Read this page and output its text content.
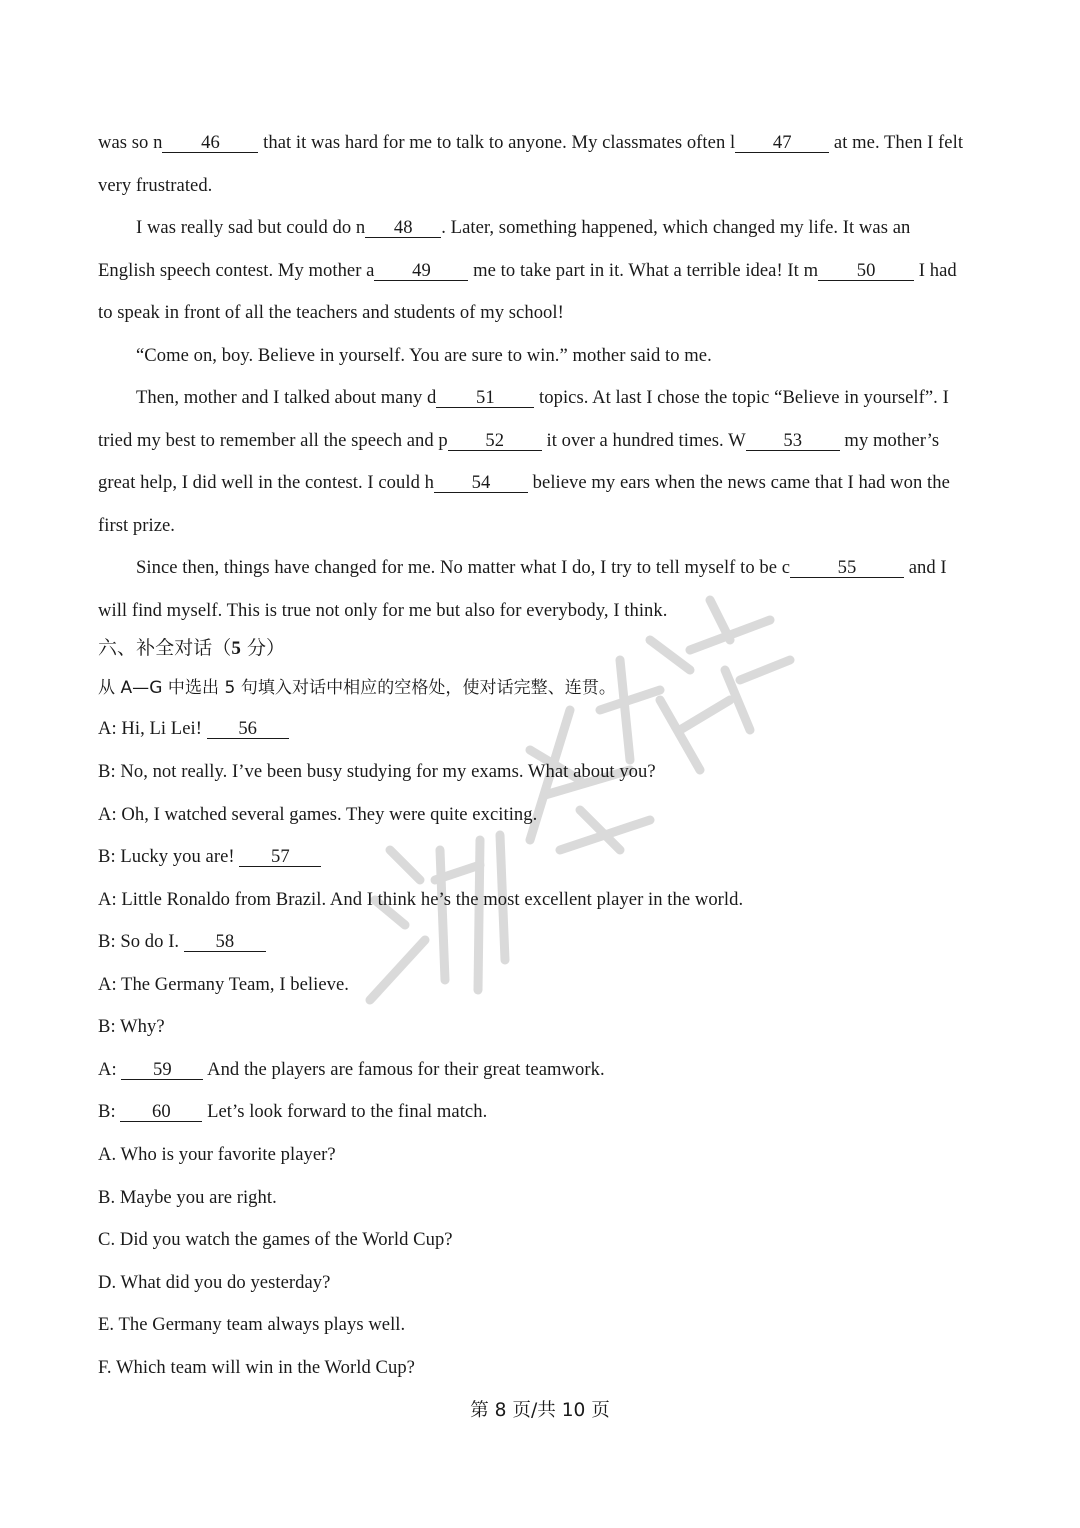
was so n 46 that it was hard for me to talk to anyone. My classmates often l 47 at me. Then I felt
very frustrated.
I was really sad but could do n 48 . Later, something happened, which changed my life. It was an
English speech contest. My mother a 49 me to take part in it. What a terrible idea! It m 50 I had
to speak in front of all the teachers and students of my school!
“Come on, boy. Believe in yourself. You are sure to win.” mother said to me.
Then, mother and I talked about many d 51 topics. At last I chose the topic “Believe in yourself”. I
tried my best to remember all the speech and p 52 it over a hundred times. W 53 my mother’s
great help, I did well in the contest. I could h 54 believe my ears when the news came that I had won the
first prize.
Since then, things have changed for me. No matter what I do, I try to tell myself to be c	55	and I
will find myself. This is true not only for me but also for everybody, I think.
六、补全对话（5 分）
从 A—G 中选出 5 句填入对话中相应的空格处，使对话完整、连贯。
A: Hi, Li Lei! 56
B: No, not really. I’ve been busy studying for my exams. What about you?
A: Oh, I watched several games. They were quite exciting.
B: Lucky you are! 57
A: Little Ronaldo from Brazil. And I think he’s the most excellent player in the world.
B: So do I. 58
A: The Germany Team, I believe.
B: Why?
A: 59 And the players are famous for their great teamwork.
B: 60 Let’s look forward to the final match.
A. Who is your favorite player?
B. Maybe you are right.
C. Did you watch the games of the World Cup?
D. What did you do yesterday?
E. The Germany team always plays well.
F. Which team will win in the World Cup?
第 8 页/共 10 页
